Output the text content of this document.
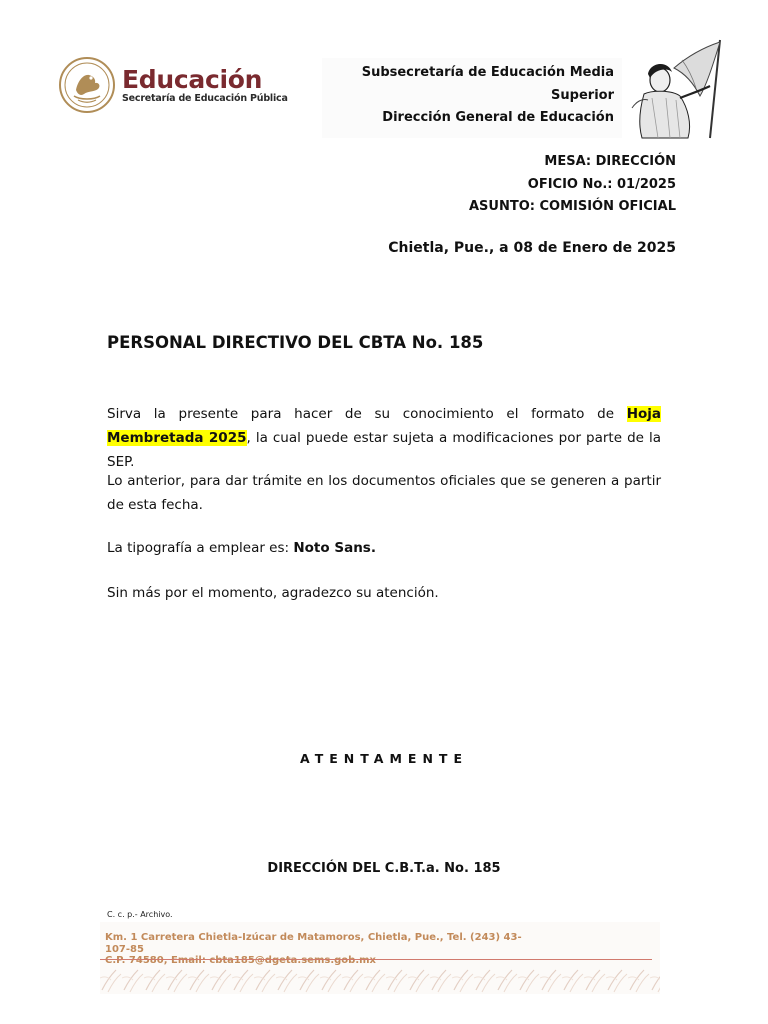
Educación
Secretaría de Educación Pública
Subsecretaría de Educación Media
Superior
Dirección General de Educación
MESA: DIRECCIÓN
OFICIO No.: 01/2025
ASUNTO: COMISIÓN OFICIAL
Chietla, Pue., a 08 de Enero de 2025
PERSONAL DIRECTIVO DEL CBTA No. 185
Sirva la presente para hacer de su conocimiento el formato de Hoja Membretada 2025, la cual puede estar sujeta a modificaciones por parte de la SEP.
Lo anterior, para dar trámite en los documentos oficiales que se generen a partir de esta fecha.
La tipografía a emplear es: Noto Sans.
Sin más por el momento, agradezco su atención.
ATENTAMENTE
DIRECCIÓN DEL C.B.T.a. No. 185
C. c. p.- Archivo.
Km. 1 Carretera Chietla-Izúcar de Matamoros, Chietla, Pue., Tel. (243) 43-107-85
